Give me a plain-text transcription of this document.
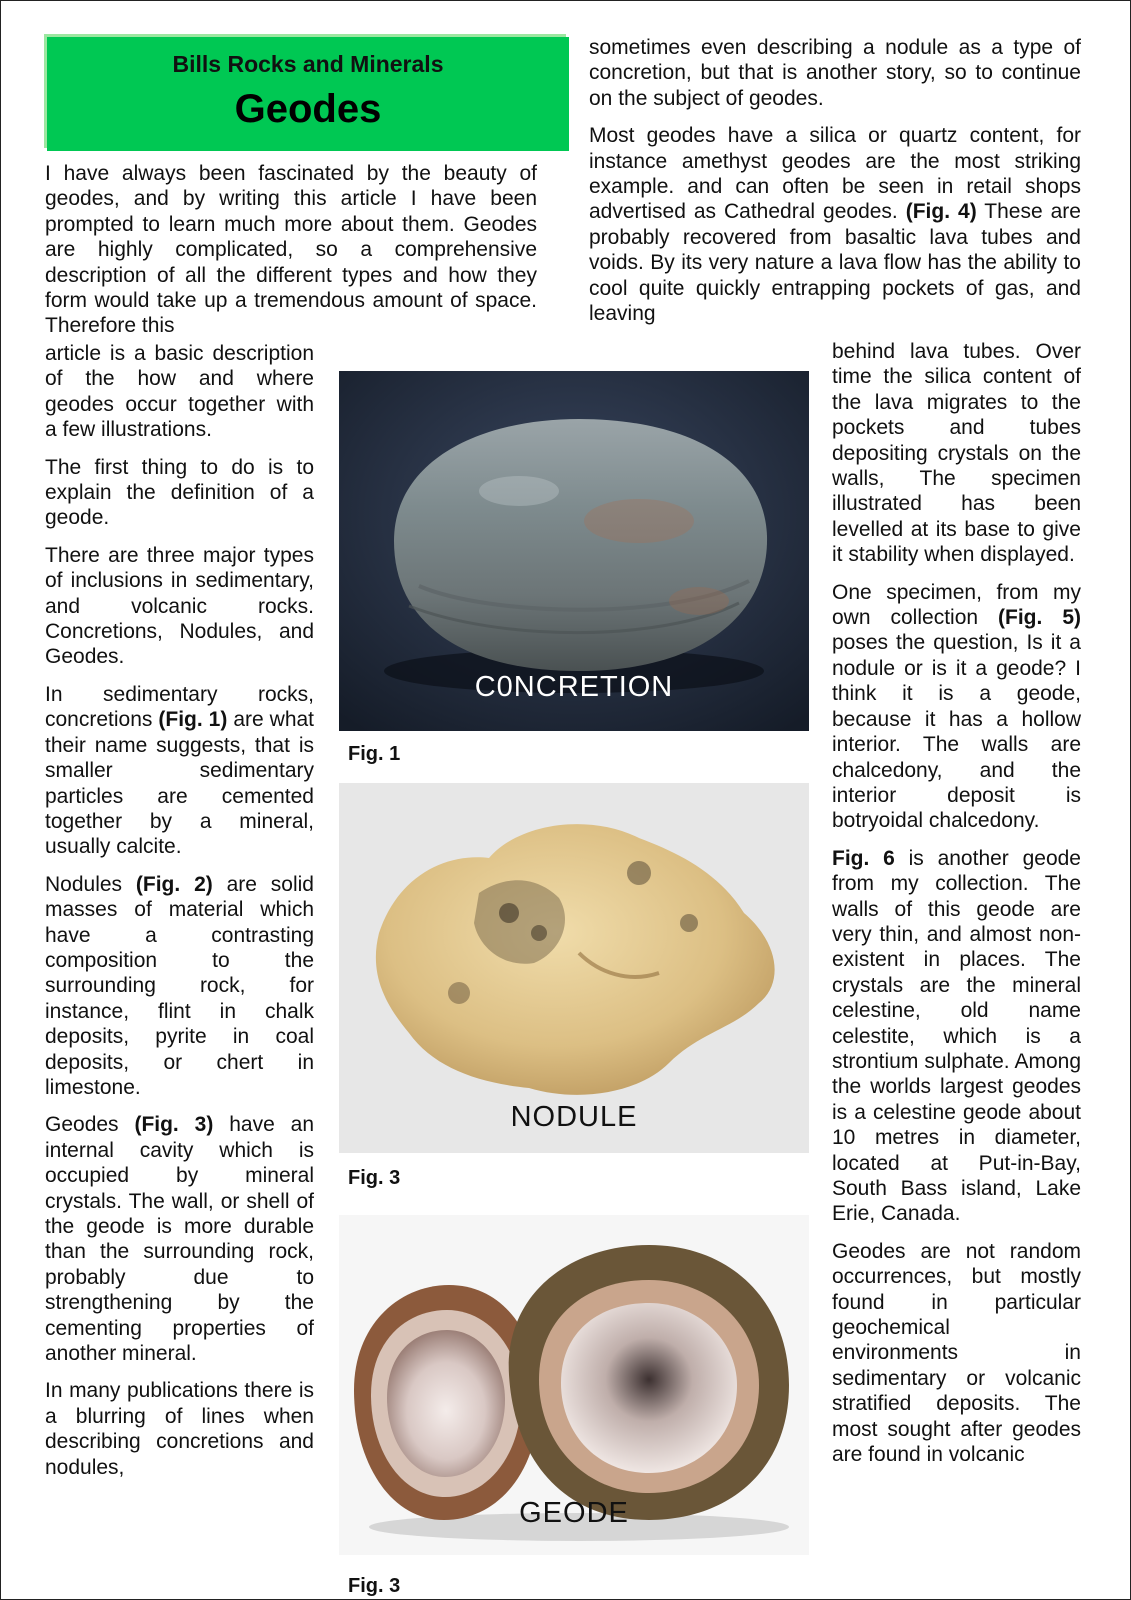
Bills Rocks and Minerals
Geodes

I have always been fascinated by the beauty of geodes, and by writing this article I have been prompted to learn much more about them. Geodes are highly complicated, so a comprehensive description of all the different types and how they form would take up a tremendous amount of space. Therefore this

article is a basic description of the how and where geodes occur together with a few illustrations.

The first thing to do is to explain the definition of a geode.

There are three major types of inclusions in sedimentary, and volcanic rocks. Concretions, Nodules, and Geodes.

In sedimentary rocks, concretions (Fig. 1) are what their name suggests, that is smaller sedimentary particles are cemented together by a mineral, usually calcite.

Nodules (Fig. 2) are solid masses of material which have a contrasting composition to the surrounding rock, for instance, flint in chalk deposits, pyrite in coal deposits, or chert in limestone.

Geodes (Fig. 3) have an internal cavity which is occupied by mineral crystals. The wall, or shell of the geode is more durable than the surrounding rock, probably due to strengthening by the cementing properties of another mineral.

In many publications there is a blurring of lines when describing concretions and nodules,

C0NCRETION
Fig. 1
NODULE
Fig. 3
GEODE
Fig. 3

sometimes even describing a nodule as a type of concretion, but that is another story, so to continue on the subject of geodes.

Most geodes have a silica or quartz content, for instance amethyst geodes are the most striking example. and can often be seen in retail shops advertised as Cathedral geodes. (Fig. 4) These are probably recovered from basaltic lava tubes and voids. By its very nature a lava flow has the ability to cool quite quickly entrapping pockets of gas, and leaving

behind lava tubes. Over time the silica content of the lava migrates to the pockets and tubes depositing crystals on the walls, The specimen illustrated has been levelled at its base to give it stability when displayed.

One specimen, from my own collection (Fig. 5) poses the question, Is it a nodule or is it a geode? I think it is a geode, because it has a hollow interior. The walls are chalcedony, and the interior deposit is botryoidal chalcedony.

Fig. 6 is another geode from my collection. The walls of this geode are very thin, and almost non-existent in places. The crystals are the mineral celestine, old name celestite, which is a strontium sulphate. Among the worlds largest geodes is a celestine geode about 10 metres in diameter, located at Put-in-Bay, South Bass island, Lake Erie, Canada.

Geodes are not random occurrences, but mostly found in particular geochemical environments in sedimentary or volcanic stratified deposits. The most sought after geodes are found in volcanic
